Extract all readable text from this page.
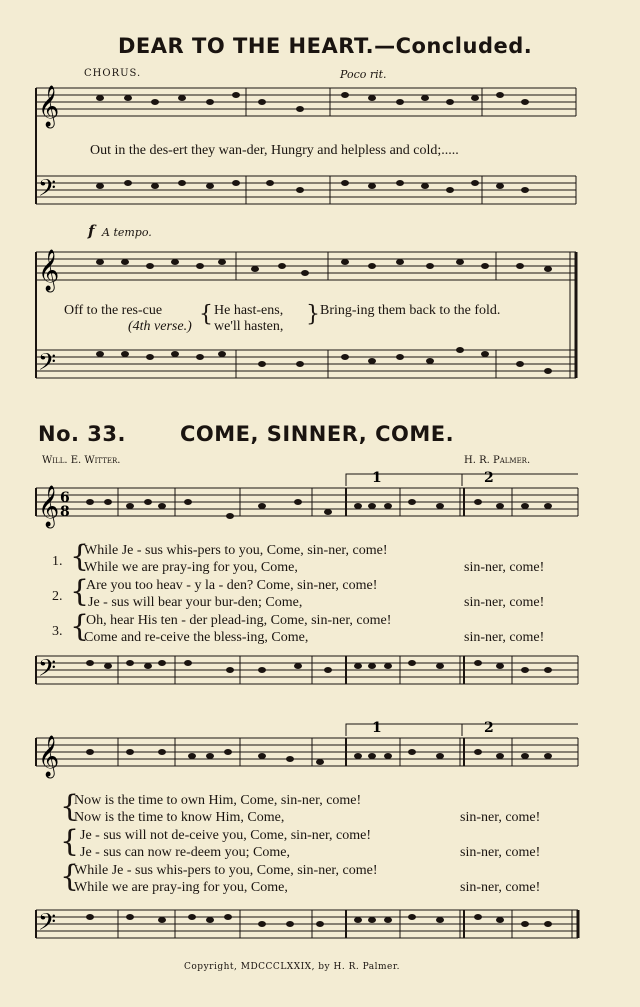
DEAR TO THE HEART.—Concluded.
CHORUS.	Poco rit.
𝄞
𝄢
Out in the des-ert they wan-der, Hungry and helpless and cold;.....
f A tempo.
𝄞
𝄢
Off to the res-cue { He hast-ens, } Bring-ing them back to the fold.
(4th verse.) we'll hasten,
No. 33.	COME, SINNER, COME.
Will. E. Witter.	H. R. Palmer.
𝄞 6
8
1	2
1. {
While Je - sus whis-pers to you, Come, sin-ner, come!
While we are pray-ing for you, Come,	sin-ner, come!
2. {
Are you too heav - y la - den? Come, sin-ner, come!
Je - sus will bear your bur-den; Come,	sin-ner, come!
3. {
Oh, hear His ten - der plead-ing, Come, sin-ner, come!
Come and re-ceive the bless-ing, Come,	sin-ner, come!
𝄢
𝄞
1	2
{
Now is the time to own Him, Come, sin-ner, come!
Now is the time to know Him, Come,	sin-ner, come!
{ Je - sus will not de-ceive you, Come, sin-ner, come!
Je - sus can now re-deem you; Come,	sin-ner, come!
{
While Je - sus whis-pers to you, Come, sin-ner, come!
While we are pray-ing for you, Come,	sin-ner, come!
𝄢
Copyright, MDCCCLXXIX, by H. R. Palmer.
